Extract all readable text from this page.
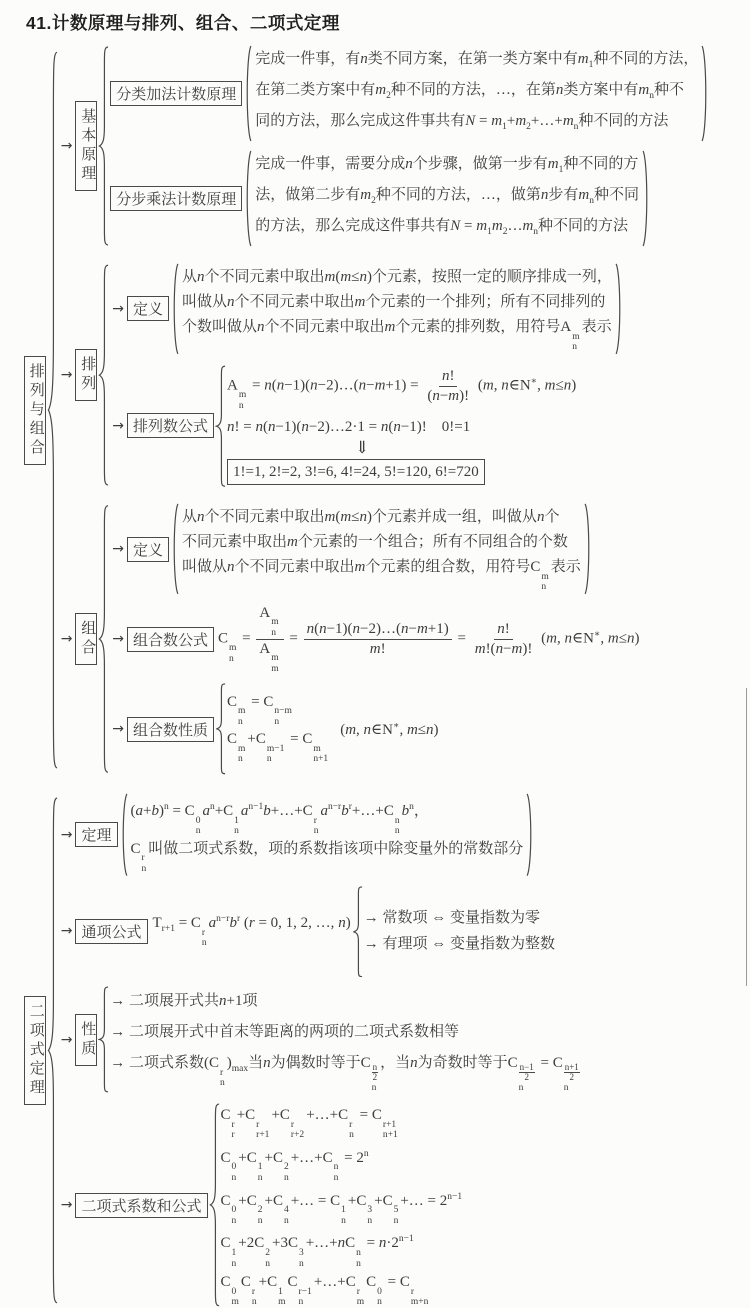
41.计数原理与排列、组合、二项式定理
排列与组合
→ 基本原理
分类加法计数原理

完成一件事，有n类不同方案，在第一类方案中有$m_1$种不同的方法，

在第二类方案中有$m_2$种不同的方法，…，在第n类方案中有$m_n$种不

同的方法，那么完成这件事共有$N = m_1+m_2+\dots+m_n$种不同的方法

分步乘法计数原理

完成一件事，需要分成n个步骤，做第一步有$m_1$种不同的方

法，做第二步有$m_2$种不同的方法，…，做第n步有$m_n$种不同

的方法，那么完成这件事共有$N = m_1m_2\dots m_n$种不同的方法

→ 排列
→ 定义

从n个不同元素中取出m(m≤n)个元素，按照一定的顺序排成一列，

叫做从n个不同元素中取出m个元素的一个排列；所有不同排列的

个数叫做从n个不同元素中取出m个元素的排列数，用符号A
m
n
表示

→ 排列数公式

A
m
n
= n(n−1)(n−2)…(n−m+1) = $\frac{n!}{(n-m)!} (m$, n∈N∗, m≤n)

n! = n(n−1)(n−2)…2·1 = n(n−1)!　0!=1

⇓

1!=1, 2!=2, 3!=6, 4!=24, 5!=120, 6!=720

→ 组合
→ 定义

从n个不同元素中取出m(m≤n)个元素并成一组，叫做从n个

不同元素中取出m个元素的一个组合；所有不同组合的个数

叫做从n个不同元素中取出m个元素的组合数，用符号C
m
n
表示

→ 组合数公式 C
m
n
=
A
m
n
A
m
m
= $\frac{n(n-1)(n-2)\dots(n-m+1)}{m!} = \frac{n!}{m!(n-m)!} (m$, n∈N∗, m≤n)
→ 组合数性质

C
m
n
= C
n−m
n

C
m
n
+C
m−1
n
= C
m
n+1

(m, n∈N∗, m≤n)
二项式定理
→ 定理

$(a+b)^n = C$
0
n
$a^n+C$
1
n
$a^{n-1}b+\dots+C$
r
n
$a^{n-r}b^r+\dots+C$
n
n
$b^n$，

C
r
n
叫做二项式系数，项的系数指该项中除变量外的常数部分

→ 通项公式
$T_{r+1} = C$
r
n
$a^{n-r}b^r$ (r = 0, 1, 2, …, n) → 常数项 ⇔ 变量指数为零

→ 有理项 ⇔ 变量指数为整数

→ 性质

→ 二项展开式共n+1项

→ 二项展开式中首末等距离的两项的二项式系数相等

→ 二项式系数(C
r
n
)$_{max}$当n为偶数时等于C $\frac{n}{2}$
n
，当n为奇数时等于C $\frac{n-1}{2}$
n
= C $\frac{n+1}{2}$
n

→ 二项式系数和公式

C
r
r
+C
r
r+1
+C
r
r+2
+…+C
r
n
= C
r+1
n+1

C
0
n
+C
1
n
+C
2
n
+…+C
n
n
= $2^n$

C
0
n
+C
2
n
+C
4
n
+… = C
1
n
+C
3
n
+C
5
n
+… = $2^{n-1}$

C
1
n
+2C
2
n
+3C
3
n
+…+nC
n
n
= $n\cdot 2^{n-1}$

C
0
m
C
r
n
+C
1
m
C
r−1
n
+…+C
r
m
C
0
n
= C
r
m+n
